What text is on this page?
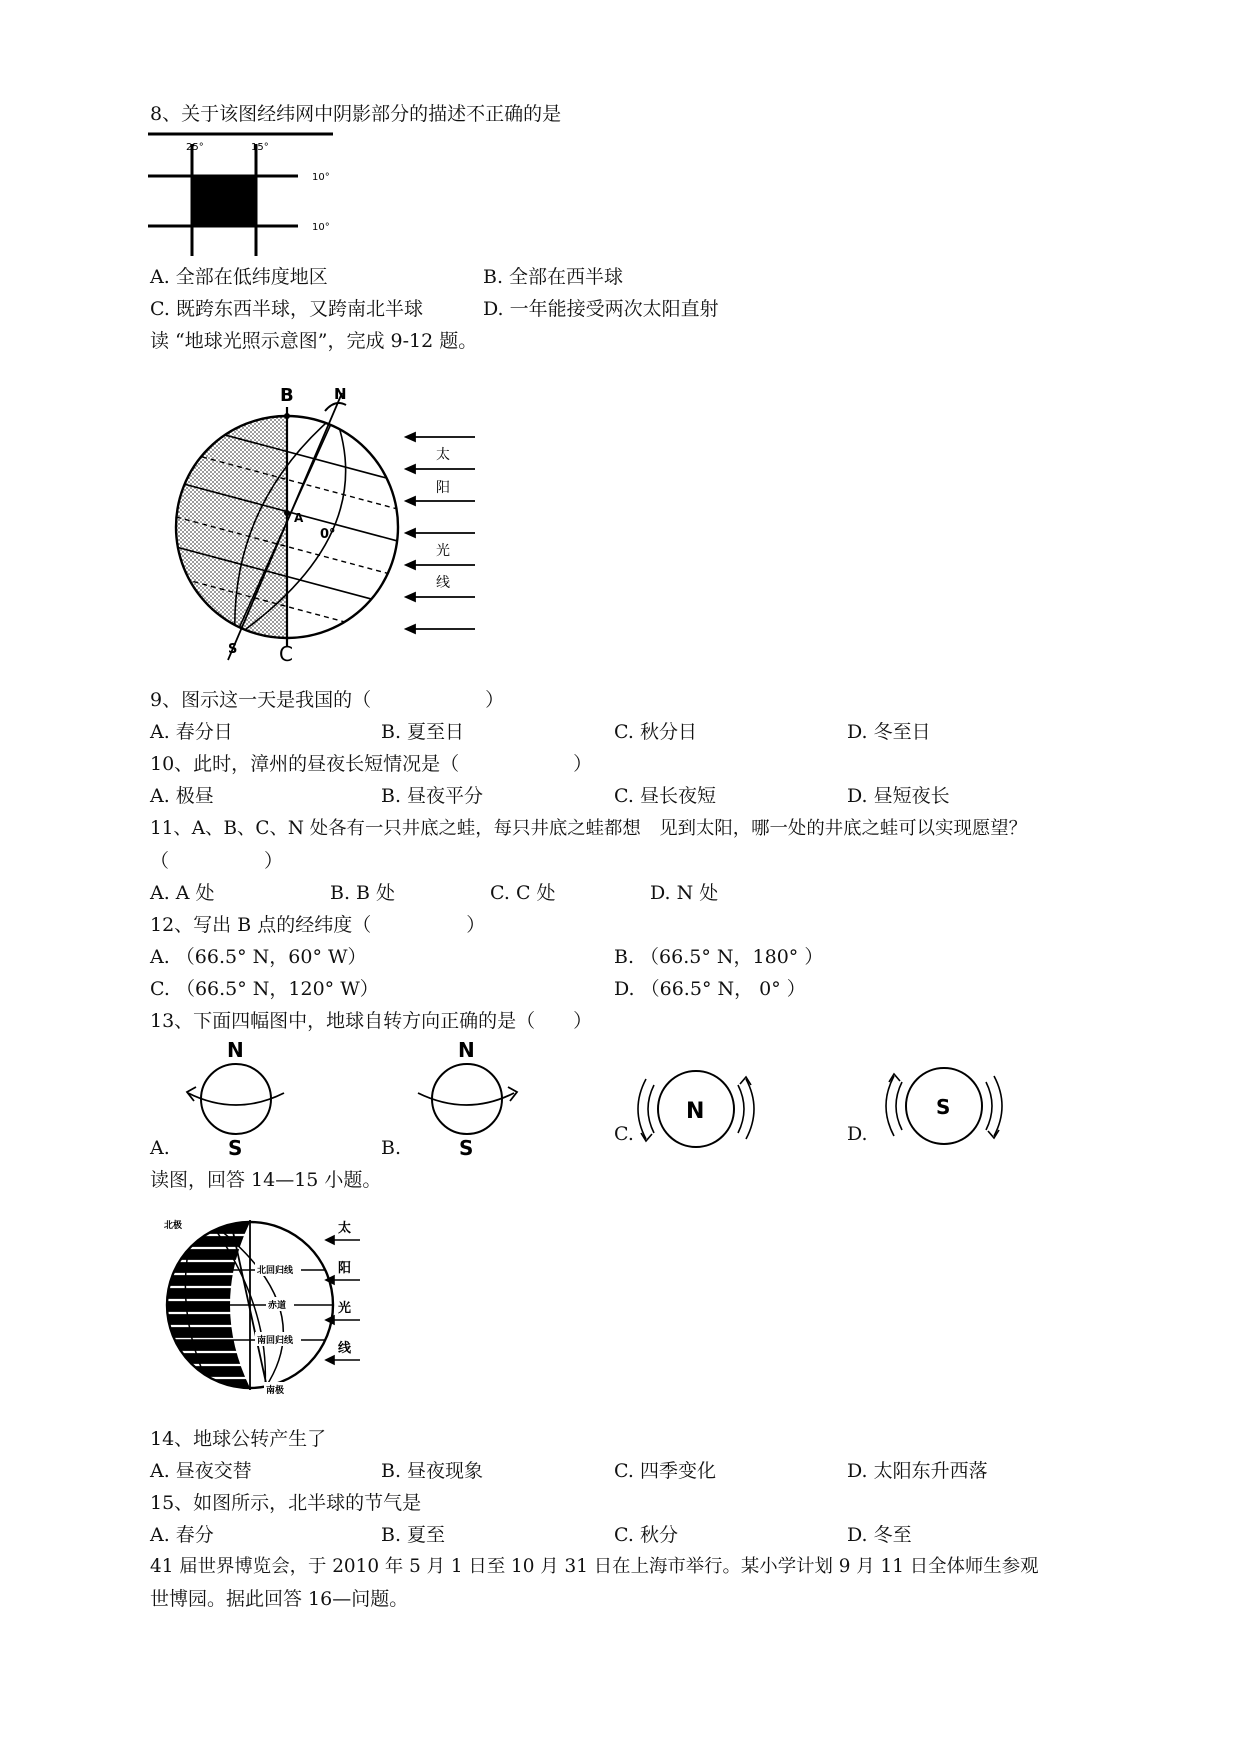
8、关于该图经纬网中阴影部分的描述不正确的是
25°	15°
10°
10°
A. 全部在低纬度地区	B. 全部在西半球
C. 既跨东西半球，又跨南北半球	D. 一年能接受两次太阳直射
读 “地球光照示意图”，完成 9-12 题。
B	N
A
0°
S C
太
阳
光
线
9、图示这一天是我国的（　　　　　　）
A. 春分日	B. 夏至日	C. 秋分日	D. 冬至日
10、此时，漳州的昼夜长短情况是（　　　　　　）
A. 极昼	B. 昼夜平分	C. 昼长夜短	D. 昼短夜长
11、A、B、C、N 处各有一只井底之蛙，每只井底之蛙都想　见到太阳，哪一处的井底之蛙可以实现愿望？
（　　　　　）
A. A 处	B. B 处	C. C 处	D. N 处
12、写出 B 点的经纬度（　　　　　）
A. （66.5° N，60° W）	B. （66.5° N，180° ）
C. （66.5° N，120° W）	D. （66.5° N， 0° ）
13、下面四幅图中，地球自转方向正确的是（　　）
A.
N
S	B.
N
S
C.
N
D.
S
读图，回答 14—15 小题。
北极
北回归线
赤道
南回归线
南极
太
阳
光
线
14、地球公转产生了
A. 昼夜交替	B. 昼夜现象	C. 四季变化	D. 太阳东升西落
15、如图所示，北半球的节气是
A. 春分	B. 夏至	C. 秋分	D. 冬至
41 届世界博览会，于 2010 年 5 月 1 日至 10 月 31 日在上海市举行。某小学计划 9 月 11 日全体师生参观
世博园。据此回答 16—问题。
